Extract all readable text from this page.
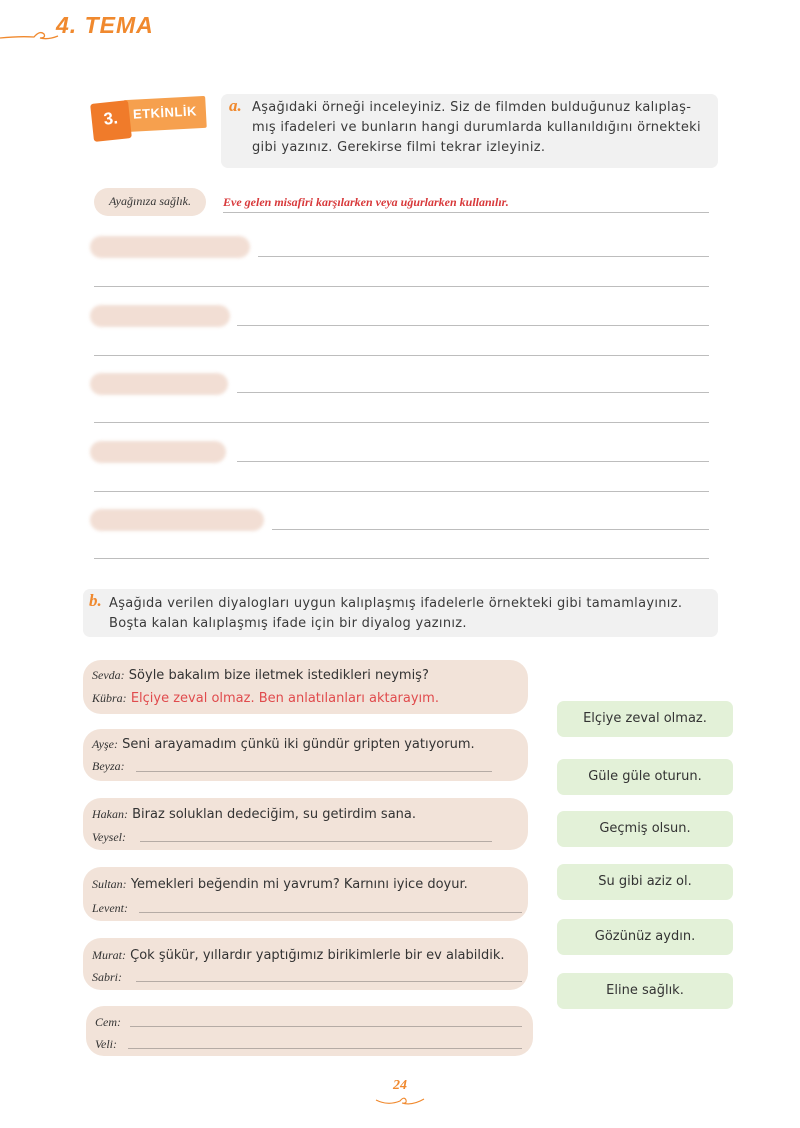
4. TEMA
ETKİNLİK
3.
a. Aşağıdaki örneği inceleyiniz. Siz de filmden bulduğunuz kalıplaş-
mış ifadeleri ve bunların hangi durumlarda kullanıldığını örnekteki
gibi yazınız. Gerekirse filmi tekrar izleyiniz.
Ayağınıza sağlık.	Eve gelen misafiri karşılarken veya uğurlarken kullanılır.
b. Aşağıda verilen diyalogları uygun kalıplaşmış ifadelerle örnekteki gibi tamamlayınız.
Boşta kalan kalıplaşmış ifade için bir diyalog yazınız.
Sevda: Söyle bakalım bize iletmek istedikleri neymiş?
Kübra: Elçiye zeval olmaz. Ben anlatılanları aktarayım.
Ayşe: Seni arayamadım çünkü iki gündür gripten yatıyorum.
Beyza:
Hakan: Biraz soluklan dedeciğim, su getirdim sana.
Veysel:
Sultan: Yemekleri beğendin mi yavrum? Karnını iyice doyur.
Levent:
Murat: Çok şükür, yıllardır yaptığımız birikimlerle bir ev alabildik.
Sabri:
Cem:
Veli:
Elçiye zeval olmaz.
Güle güle oturun.
Geçmiş olsun.
Su gibi aziz ol.
Gözünüz aydın.
Eline sağlık.
24
